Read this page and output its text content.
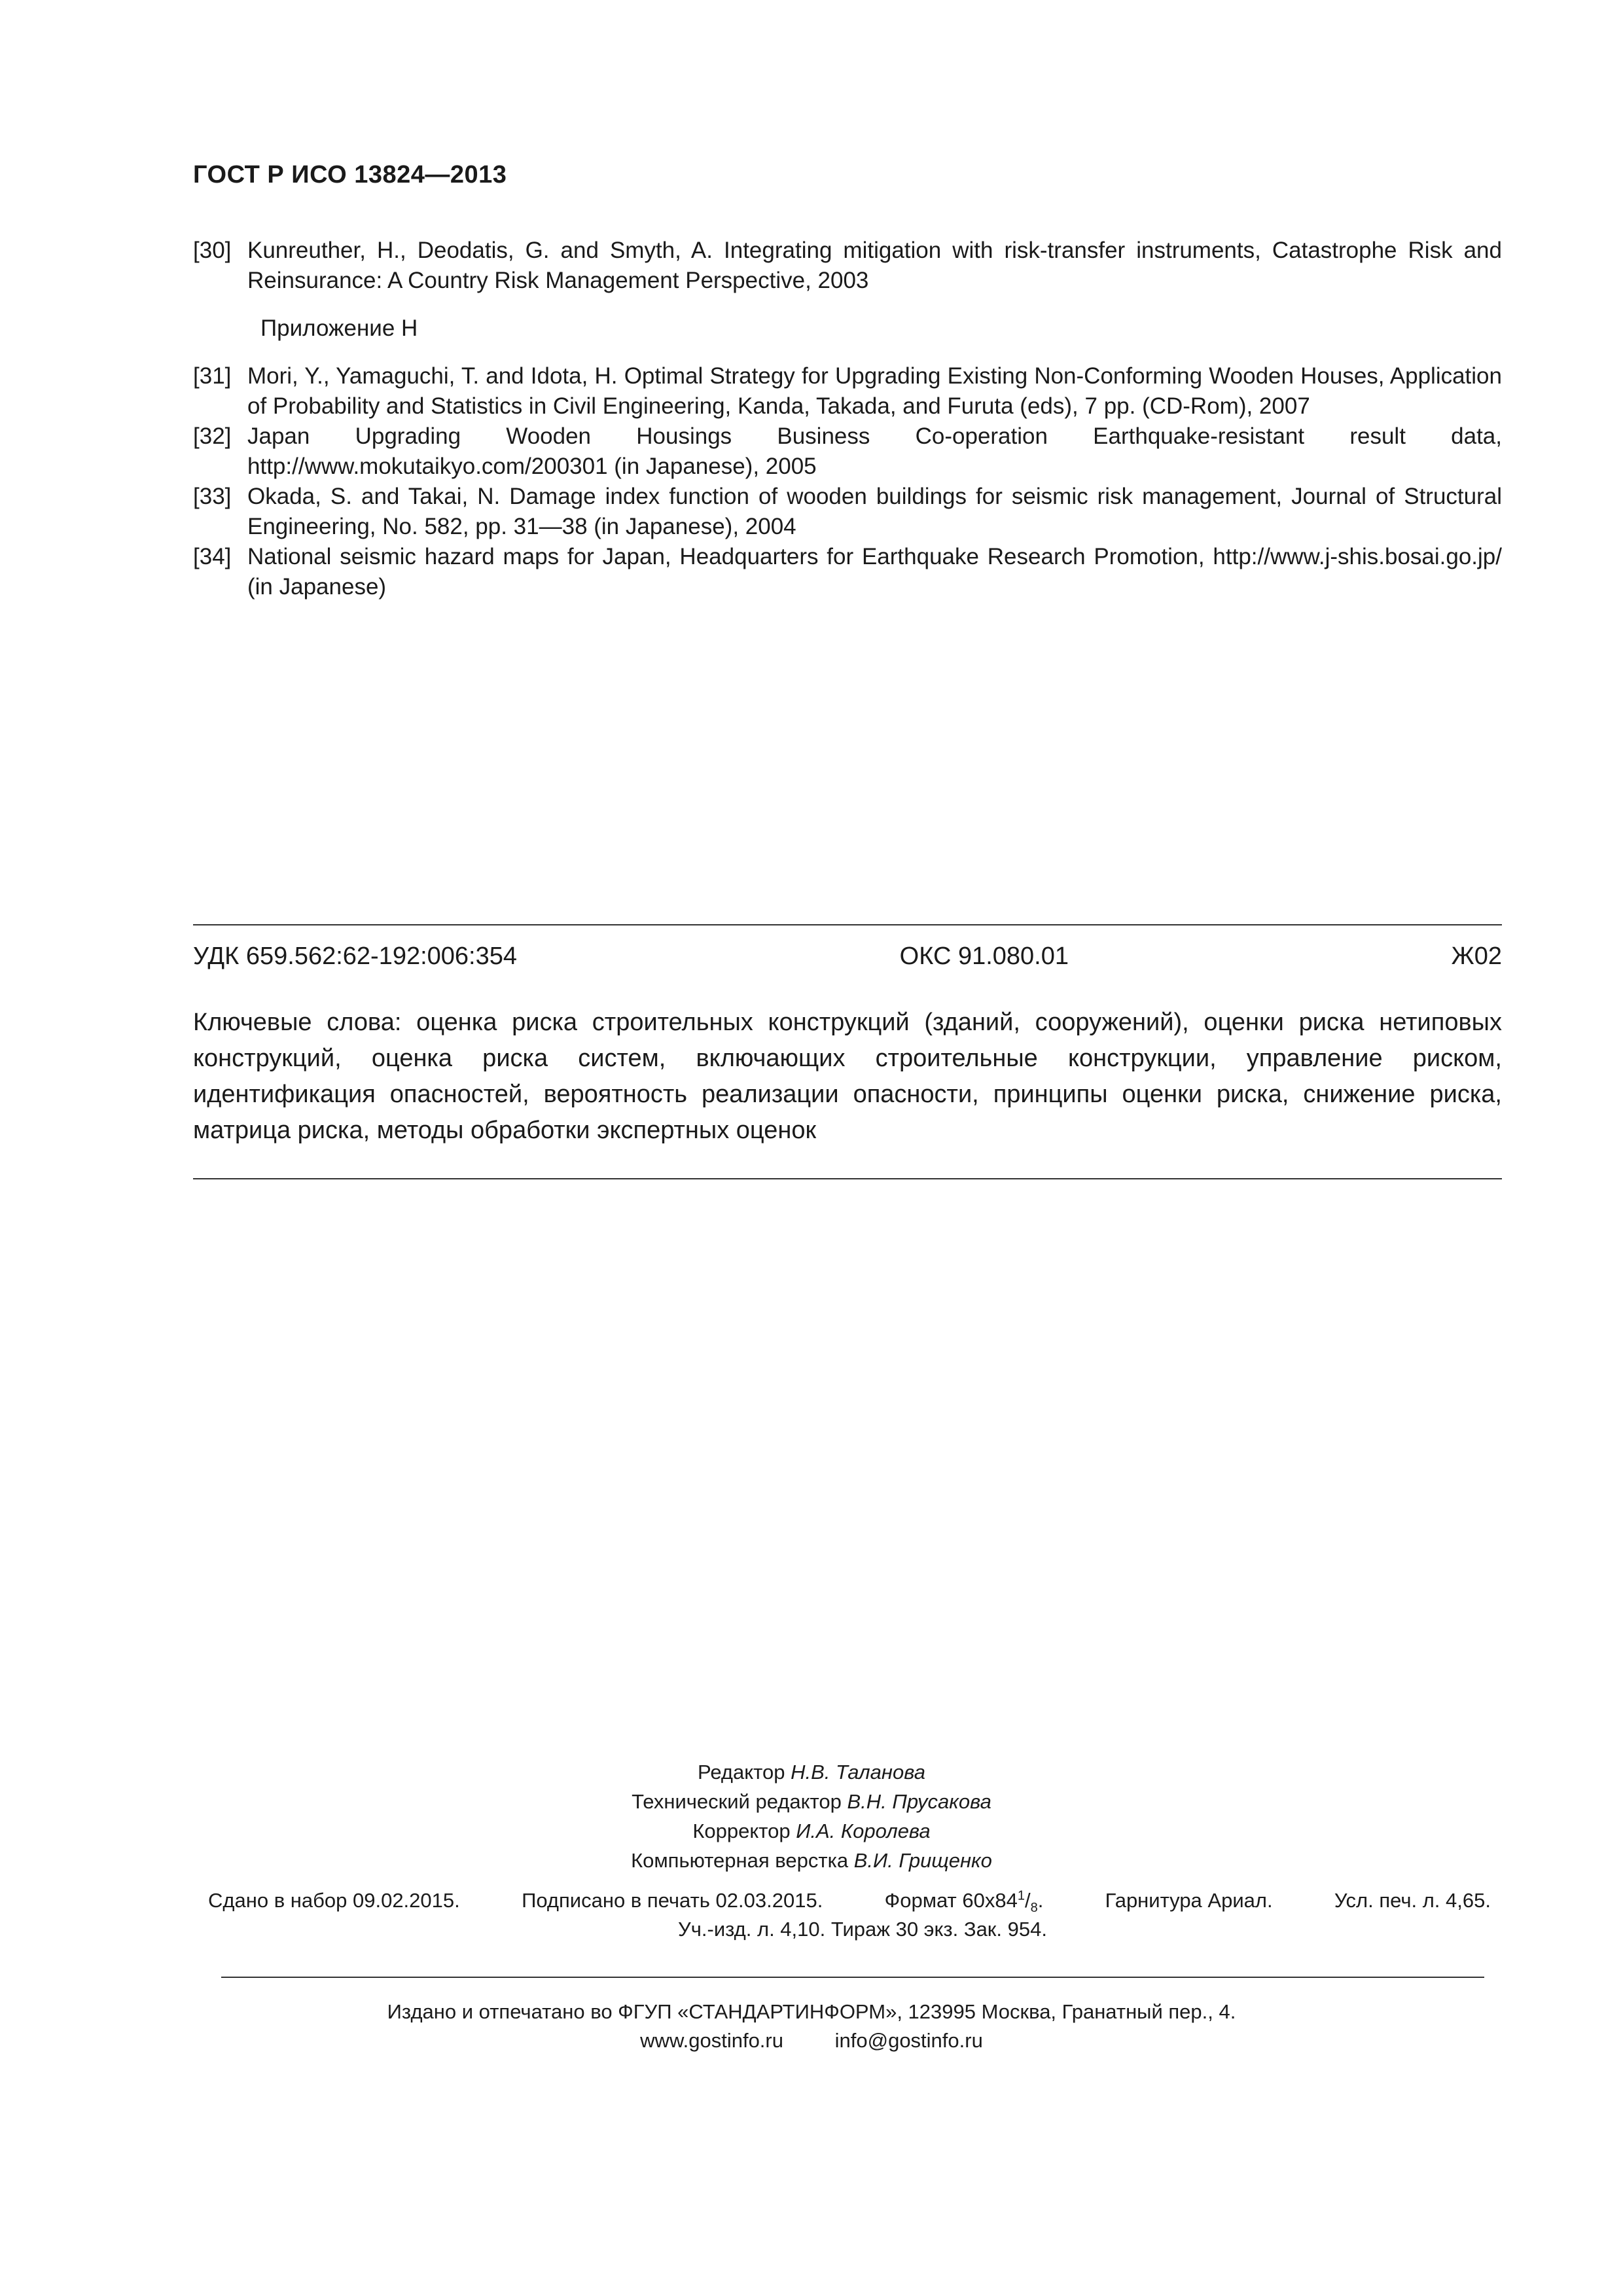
ГОСТ Р ИСО 13824—2013
[30] Kunreuther, H., Deodatis, G. and Smyth, A. Integrating mitigation with risk-transfer instruments, Catastrophe Risk and Reinsurance: A Country Risk Management Perspective, 2003
Приложение Н
[31] Mori, Y., Yamaguchi, T. and Idota, H. Optimal Strategy for Upgrading Existing Non-Conforming Wooden Houses, Application of Probability and Statistics in Civil Engineering, Kanda, Takada, and Furuta (eds), 7 pp. (CD-Rom), 2007
[32] Japan Upgrading Wooden Housings Business Co-operation Earthquake-resistant result data, http://www.mokutaikyo.com/200301 (in Japanese), 2005
[33] Okada, S. and Takai, N. Damage index function of wooden buildings for seismic risk management, Journal of Structural Engineering, No. 582, pp. 31—38 (in Japanese), 2004
[34] National seismic hazard maps for Japan, Headquarters for Earthquake Research Promotion, http://www.j-shis.bosai.go.jp/ (in Japanese)
УДК 659.562:62-192:006:354	ОКС 91.080.01	Ж02
Ключевые слова: оценка риска строительных конструкций (зданий, сооружений), оценки риска нетиповых конструкций, оценка риска систем, включающих строительные конструкции, управление риском, идентификация опасностей, вероятность реализации опасности, принципы оценки риска, снижение риска, матрица риска, методы обработки экспертных оценок
Редактор Н.В. Таланова
Технический редактор В.Н. Прусакова
Корректор И.А. Королева
Компьютерная верстка В.И. Грищенко
Сдано в набор 09.02.2015.	Подписано в печать 02.03.2015.	Формат $60х84^1/_8$.	Гарнитура Ариал.	Усл. печ. л. 4,65.
Уч.-изд. л. 4,10. Тираж 30 экз. Зак. 954.
Издано и отпечатано во ФГУП «СТАНДАРТИНФОРМ», 123995 Москва, Гранатный пер., 4.
www.gostinfo.ru	info@gostinfo.ru
